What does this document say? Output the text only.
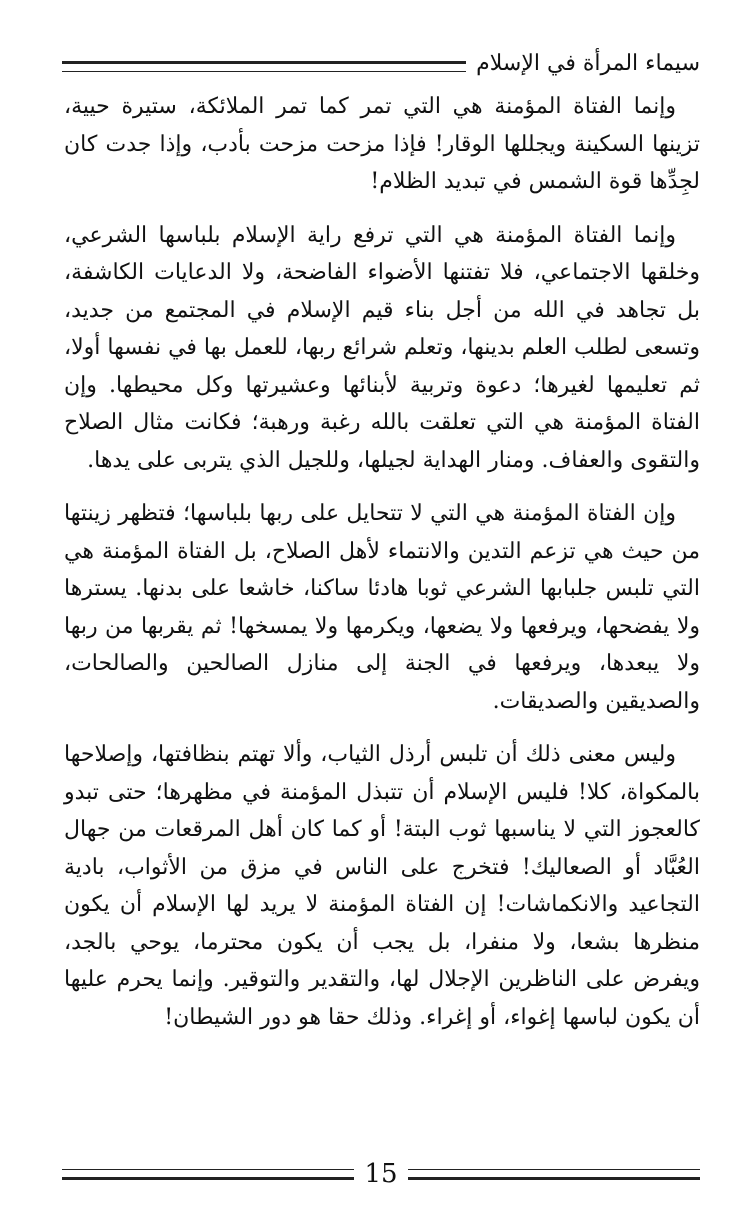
سيماء المرأة في الإسلام

وإنما الفتاة المؤمنة هي التي تمر كما تمر الملائكة، ستيرة حيية، تزينها السكينة ويجللها الوقار! فإذا مزحت مزحت بأدب، وإذا جدت كان لجِدِّها قوة الشمس في تبديد الظلام!

وإنما الفتاة المؤمنة هي التي ترفع راية الإسلام بلباسها الشرعي، وخلقها الاجتماعي، فلا تفتنها الأضواء الفاضحة، ولا الدعايات الكاشفة، بل تجاهد في الله من أجل بناء قيم الإسلام في المجتمع من جديد، وتسعى لطلب العلم بدينها، وتعلم شرائع ربها، للعمل بها في نفسها أولا، ثم تعليمها لغيرها؛ دعوة وتربية لأبنائها وعشيرتها وكل محيطها. وإن الفتاة المؤمنة هي التي تعلقت بالله رغبة ورهبة؛ فكانت مثال الصلاح والتقوى والعفاف. ومنار الهداية لجيلها، وللجيل الذي يتربى على يدها.

وإن الفتاة المؤمنة هي التي لا تتحايل على ربها بلباسها؛ فتظهر زينتها من حيث هي تزعم التدين والانتماء لأهل الصلاح، بل الفتاة المؤمنة هي التي تلبس جلبابها الشرعي ثوبا هادئا ساكنا، خاشعا على بدنها. يسترها ولا يفضحها، ويرفعها ولا يضعها، ويكرمها ولا يمسخها! ثم يقربها من ربها ولا يبعدها، ويرفعها في الجنة إلى منازل الصالحين والصالحات، والصديقين والصديقات.

وليس معنى ذلك أن تلبس أرذل الثياب، وألا تهتم بنظافتها، وإصلاحها بالمكواة، كلا! فليس الإسلام أن تتبذل المؤمنة في مظهرها؛ حتى تبدو كالعجوز التي لا يناسبها ثوب البتة! أو كما كان أهل المرقعات من جهال العُبَّاد أو الصعاليك! فتخرج على الناس في مزق من الأثواب، بادية التجاعيد والانكماشات! إن الفتاة المؤمنة لا يريد لها الإسلام أن يكون منظرها بشعا، ولا منفرا، بل يجب أن يكون محترما، يوحي بالجد، ويفرض على الناظرين الإجلال لها، والتقدير والتوقير. وإنما يحرم عليها أن يكون لباسها إغواء، أو إغراء. وذلك حقا هو دور الشيطان!

15
